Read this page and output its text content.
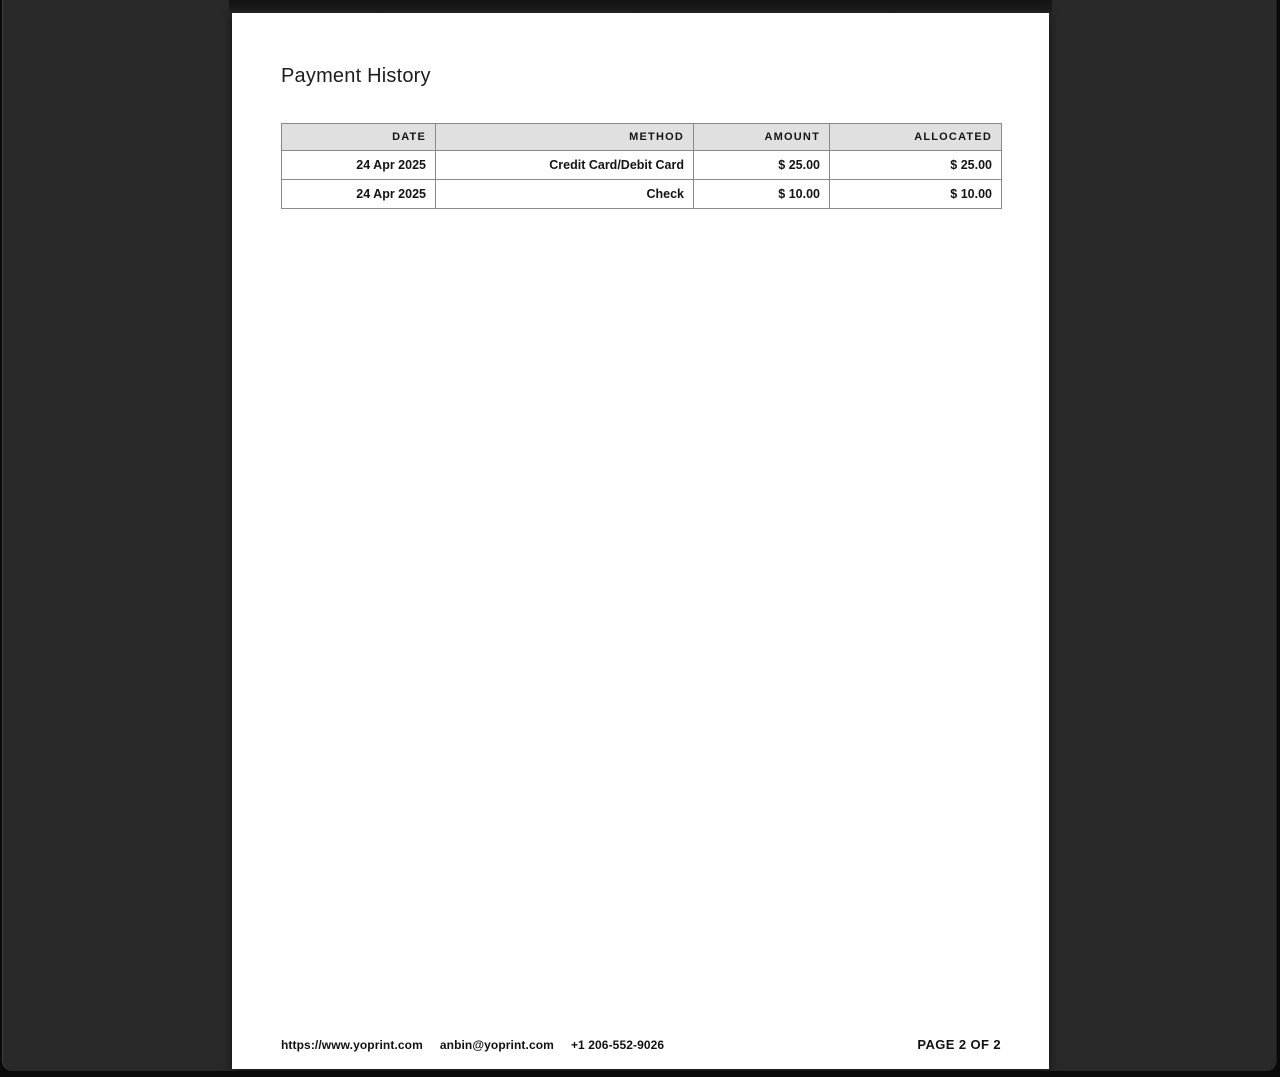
Payment History
DATE	METHOD	AMOUNT	ALLOCATED
24 Apr 2025	Credit Card/Debit Card	$ 25.00	$ 25.00
24 Apr 2025	Check	$ 10.00	$ 10.00
https://www.yoprint.com anbin@yoprint.com +1 206-552-9026	PAGE 2 OF 2
